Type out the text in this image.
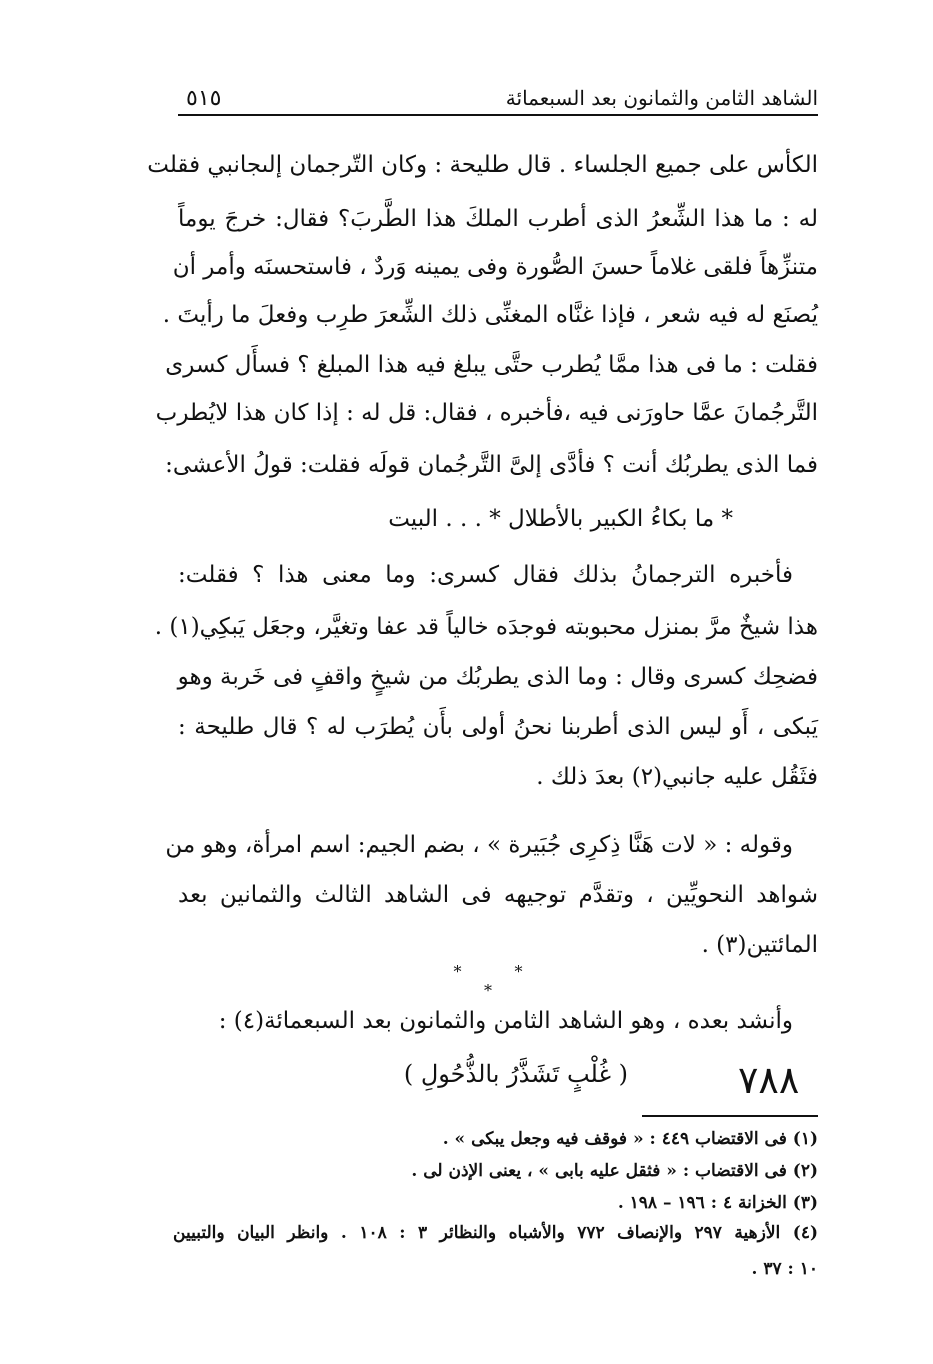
الشاهد الثامن والثمانون بعد السبعمائة
٥١٥
الكأس على جميع الجلساء . قال طليحة : وكان التّرجمان إلىجانبي فقلت
له : ما هذا الشِّعرُ الذى أطرب الملكَ هذا الطَّربَ؟ فقال: خرجَ يوماً
متنزِّهاً فلقى غلاماً حسنَ الصُّورة وفى يمينه وَردٌ ، فاستحسنَه وأمر أن
يُصنَع له فيه شعر ، فإذا غنَّاه المغنِّى ذلك الشِّعرَ طرِب وفعلَ ما رأيتَ .
فقلت : ما فى هذا ممَّا يُطرب حتَّى يبلغ فيه هذا المبلغ ؟ فسأَل كسرى
التَّرجُمانَ عمَّا حاورَنى فيه ،فأخبره ، فقال: قل له : إذا كان هذا لايُطرب
فما الذى يطربُك أنت ؟ فأدَّى إلىَّ التَّرجُمان قولَه فقلت: قولُ الأعشى:
* ما بكاءُ الكبير بالأطلال * . . . البيت
فأخبره الترجمانُ بذلك فقال كسرى: وما معنى هذا ؟ فقلت:
هذا شيخٌ مرَّ بمنزل محبوبته فوجدَه خالياً قد عفا وتغيَّر، وجعَل يَبكِي(١) .
فضحِك كسرى وقال : وما الذى يطربُك من شيخٍ واقفٍ فى خَربة وهو
يَبكى ، أَو ليس الذى أطربنا نحنُ أولى بأَن يُطرَب له ؟ قال طليحة :
فثَقُل عليه جانبي(٢) بعدَ ذلك .
وقوله : « لات هَنَّا ذِكرِى جُبَيرة » ، بضم الجيم: اسم امرأة، وهو من
شواهد النحويِّين ، وتقدَّم توجيهه فى الشاهد الثالث والثمانين بعد
المائتين(٣) .
* * *
وأنشد بعده ، وهو الشاهد الثامن والثمانون بعد السبعمائة(٤) :
٧٨٨
( غُلْبٍ تَشَذَّرُ بالذُّحُولِ )
(١) فى الاقتضاب ٤٤٩ : « فوقف فيه وجعل يبكى » .
(٢) فى الاقتضاب : « فثقل عليه بابى » ، يعنى الإذن لى .
(٣) الخزانة ٤ : ١٩٦ – ١٩٨ .
(٤) الأزهية ٢٩٧ والإنصاف ٧٧٢ والأشباه والنظائر ٣ : ١٠٨ . وانظر البيان والتبيين
١٠ : ٣٧ .
